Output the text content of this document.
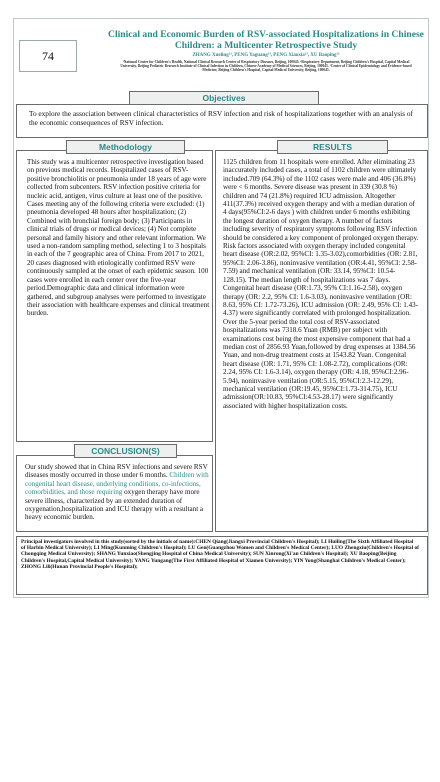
74
Clinical and Economic Burden of RSV-associated Hospitalizations in Chinese Children: a Multicenter Retrospective Study
ZHANG Xueling¹², PENG Yaguang¹³, PENG Xiaoxia¹³, XU Baoping¹²
¹National Center for Children's Health, National Clinical Research Center of Respiratory Diseases, Beijing, 100045. ²Respiratory Department, Beijing Children's Hospital, Capital Medical University, Beijing Pediatric Research Institute of Clinical Infection in Children, Chinese Academy of Medical Sciences, Beijing, 100045. ³Center of Clinical Epidemiology and Evidence-based Medicine, Beijing Children's Hospital, Capital Medical University, Beijing, 100045.
Objectives
To explore the association between clinical characteristics of RSV infection and risk of hospitalizations together with an analysis of the economic consequences of RSV infection.
Methodology
This study was a multicenter retrospective investigation based on previous medical records. Hospitalized cases of RSV-positive bronchiolitis or pneumonia under 18 years of age were collected from subcenters. RSV infection positive criteria for nucleic acid, antigen, virus culture at least one of the positive. Cases meeting any of the following criteria were excluded: (1) pneumonia developed 48 hours after hospitalization; (2) Combined with bronchial foreign body; (3) Participants in clinical trials of drugs or medical devices; (4) Not complete personal and family history and other relevant information. We used a non-random sampling method, selecting 1 to 3 hospitals in each of the 7 geographic area of China. From 2017 to 2021, 20 cases diagnosed with etiologically confirmed RSV were continuously sampled at the onset of each epidemic season. 100 cases were enrolled in each center over the five-year period.Demographic data and clinical information were gathered, and subgroup analyses were performed to investigate their association with healthcare expenses and clinical treatment burden.
RESULTS
1125 children from 11 hospitals were enrolled. After eliminating 23 inaccurately included cases, a total of 1102 children were ultimately included.709 (64.3%) of the 1102 cases were male and 406 (36.8%) were < 6 months. Severe disease was present in 339 (30.8 %) children and 74 (21.8%) required ICU admission. Altogether 411(37.3%) received oxygen therapy and with a median duration of 4 days(95%CI:2-6 days ) with children under 6 months exhibiting the longest duration of oxygen therapy. A number of factors including severity of respiratory symptoms following RSV infection should be considered a key component of prolonged oxygen therapy. Risk factors associated with oxygen therapy included congenital heart disease (OR:2.02, 95%CI: 1.35-3.02),comorbidities (OR: 2.81, 95%CI: 2.06-3.86), noninvasive ventilation (OR:4.41, 95%CI: 2.58-7.59) and mechanical ventilation (OR: 33.14, 95%CI: 10.54-128.15). The median length of hospitalizations was 7 days. Congenital heart disease (OR:1.73, 95% CI:1.16-2.58), oxygen therapy (OR: 2.2, 95% CI: 1.6-3.03), noninvasive ventilation (OR: 8.63, 95% CI: 1.72-73.26), ICU admission (OR: 2.49, 95% CI: 1.43-4.37) were significantly correlated with prolonged hospitalization. Over the 5-year period the total cost of RSV-associated hospitalizations was 7318.6 Yuan (RMB) per subject with examinations cost being the most expensive component that had a median cost of 2856.93 Yuan,followed by drug expenses at 1384.56 Yuan, and non-drug treatment costs at 1543.82 Yuan. Congenital heart disease (OR: 1.71, 95% CI: 1.08-2.72), complications (OR: 2.24, 95% CI: 1.6-3.14), oxygen therapy (OR: 4.18, 95%CI:2.96-5.94), noninvasive ventilation (OR:5.15, 95%CI:2.3-12.29), mechanical ventilation (OR:19.45, 95%CI:1.73-314.75), ICU admission(OR:10.83, 95%CI:4.53-28.17) were significantly associated with higher hospitalization costs.
CONCLUSION(S)
Our study showed that in China RSV infections and severe RSV diseases mostly occurred in those under 6 months. Children with congenital heart disease, underlying conditions, co-infections, comorbidities, and those requiring oxygen therapy have more severe illness, characterized by an extended duration of oxygenation,hospitalization and ICU therapy with a resultant a heavy economic burden.
Principal investigators involved in this study(sorted by the initials of name):CHEN Qiang(Jiangxi Provincial Children's Hospital); LI Huiling(The Sixth Affiliated Hospital of Harbin Medical University); LI Ming(Kunming Children's Hospital); LU Gen(Guangzhou Women and Children's Medical Center); LUO Zhengxiu(Children's Hospital of Chongqing Medical University); SHANG Yunxiao(Shengjing Hospital of China Medical University); SUN Xinrong(Xi'an Children's Hospital); XU Baoping(Beijing Children's Hospital,Capital Medical University); YANG Yungang(The First Affiliated Hospital of Xiamen University); YIN Yong(Shanghai Children's Medical Center); ZHONG Lili(Hunan Provincial People's Hospital);
